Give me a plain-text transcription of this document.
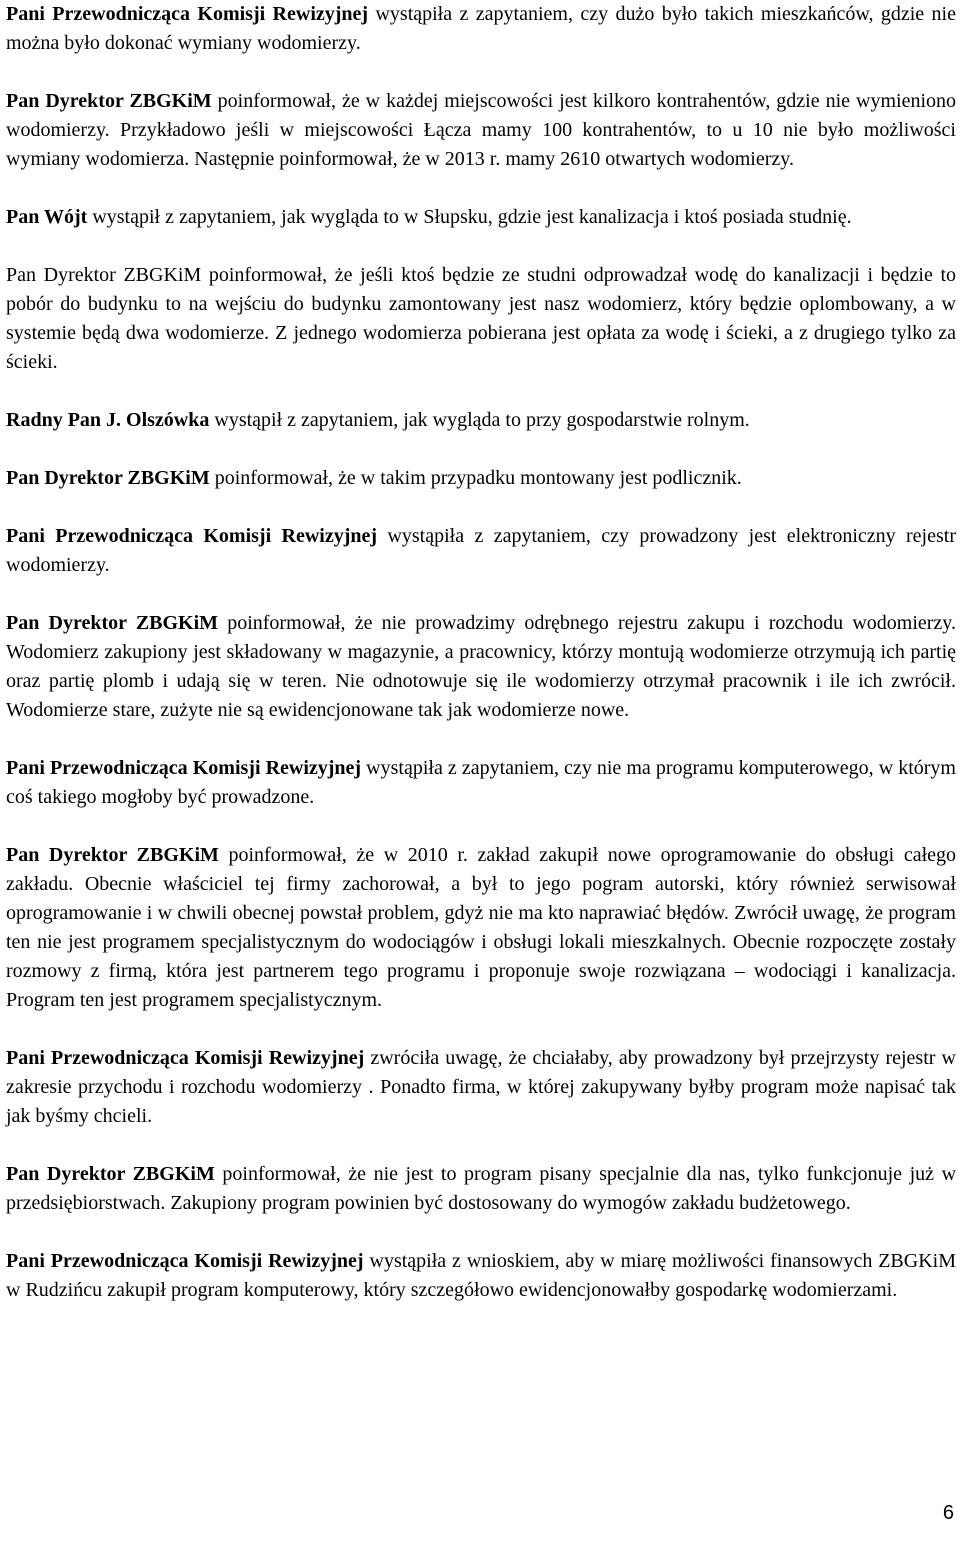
Pani Przewodnicząca Komisji Rewizyjnej wystąpiła z zapytaniem, czy dużo było takich mieszkańców, gdzie nie można było dokonać wymiany wodomierzy.

Pan Dyrektor ZBGKiM poinformował, że w każdej miejscowości jest kilkoro kontrahentów, gdzie nie wymieniono wodomierzy. Przykładowo jeśli w miejscowości Łącza mamy 100 kontrahentów, to u 10 nie było możliwości wymiany wodomierza. Następnie poinformował, że w 2013 r. mamy 2610 otwartych wodomierzy.

Pan Wójt wystąpił z zapytaniem, jak wygląda to w Słupsku, gdzie jest kanalizacja i ktoś posiada studnię.

Pan Dyrektor ZBGKiM poinformował, że jeśli ktoś będzie ze studni odprowadzał wodę do kanalizacji i będzie to pobór do budynku to na wejściu do budynku zamontowany jest nasz wodomierz, który będzie oplombowany, a w systemie będą dwa wodomierze. Z jednego wodomierza pobierana jest opłata za wodę i ścieki, a z drugiego tylko za ścieki.

Radny Pan J. Olszówka wystąpił z zapytaniem, jak wygląda to przy gospodarstwie rolnym.

Pan Dyrektor ZBGKiM poinformował, że w takim przypadku montowany jest podlicznik.

Pani Przewodnicząca Komisji Rewizyjnej wystąpiła z zapytaniem, czy prowadzony jest elektroniczny rejestr wodomierzy.

Pan Dyrektor ZBGKiM poinformował, że nie prowadzimy odrębnego rejestru zakupu i rozchodu wodomierzy. Wodomierz zakupiony jest składowany w magazynie, a pracownicy, którzy montują wodomierze otrzymują ich partię oraz partię plomb i udają się w teren. Nie odnotowuje się ile wodomierzy otrzymał pracownik i ile ich zwrócił. Wodomierze stare, zużyte nie są ewidencjonowane tak jak wodomierze nowe.

Pani Przewodnicząca Komisji Rewizyjnej wystąpiła z zapytaniem, czy nie ma programu komputerowego, w którym coś takiego mogłoby być prowadzone.

Pan Dyrektor ZBGKiM poinformował, że w 2010 r. zakład zakupił nowe oprogramowanie do obsługi całego zakładu. Obecnie właściciel tej firmy zachorował, a był to jego pogram autorski, który również serwisował oprogramowanie i w chwili obecnej powstał problem, gdyż nie ma kto naprawiać błędów. Zwrócił uwagę, że program ten nie jest programem specjalistycznym do wodociągów i obsługi lokali mieszkalnych. Obecnie rozpoczęte zostały rozmowy z firmą, która jest partnerem tego programu i proponuje swoje rozwiązana – wodociągi i kanalizacja. Program ten jest programem specjalistycznym.

Pani Przewodnicząca Komisji Rewizyjnej zwróciła uwagę, że chciałaby, aby prowadzony był przejrzysty rejestr w zakresie przychodu i rozchodu wodomierzy . Ponadto firma, w której zakupywany byłby program może napisać tak jak byśmy chcieli.

Pan Dyrektor ZBGKiM poinformował, że nie jest to program pisany specjalnie dla nas, tylko funkcjonuje już w przedsiębiorstwach. Zakupiony program powinien być dostosowany do wymogów zakładu budżetowego.

Pani Przewodnicząca Komisji Rewizyjnej wystąpiła z wnioskiem, aby w miarę możliwości finansowych ZBGKiM w Rudzińcu zakupił program komputerowy, który szczegółowo ewidencjonowałby gospodarkę wodomierzami.

6
